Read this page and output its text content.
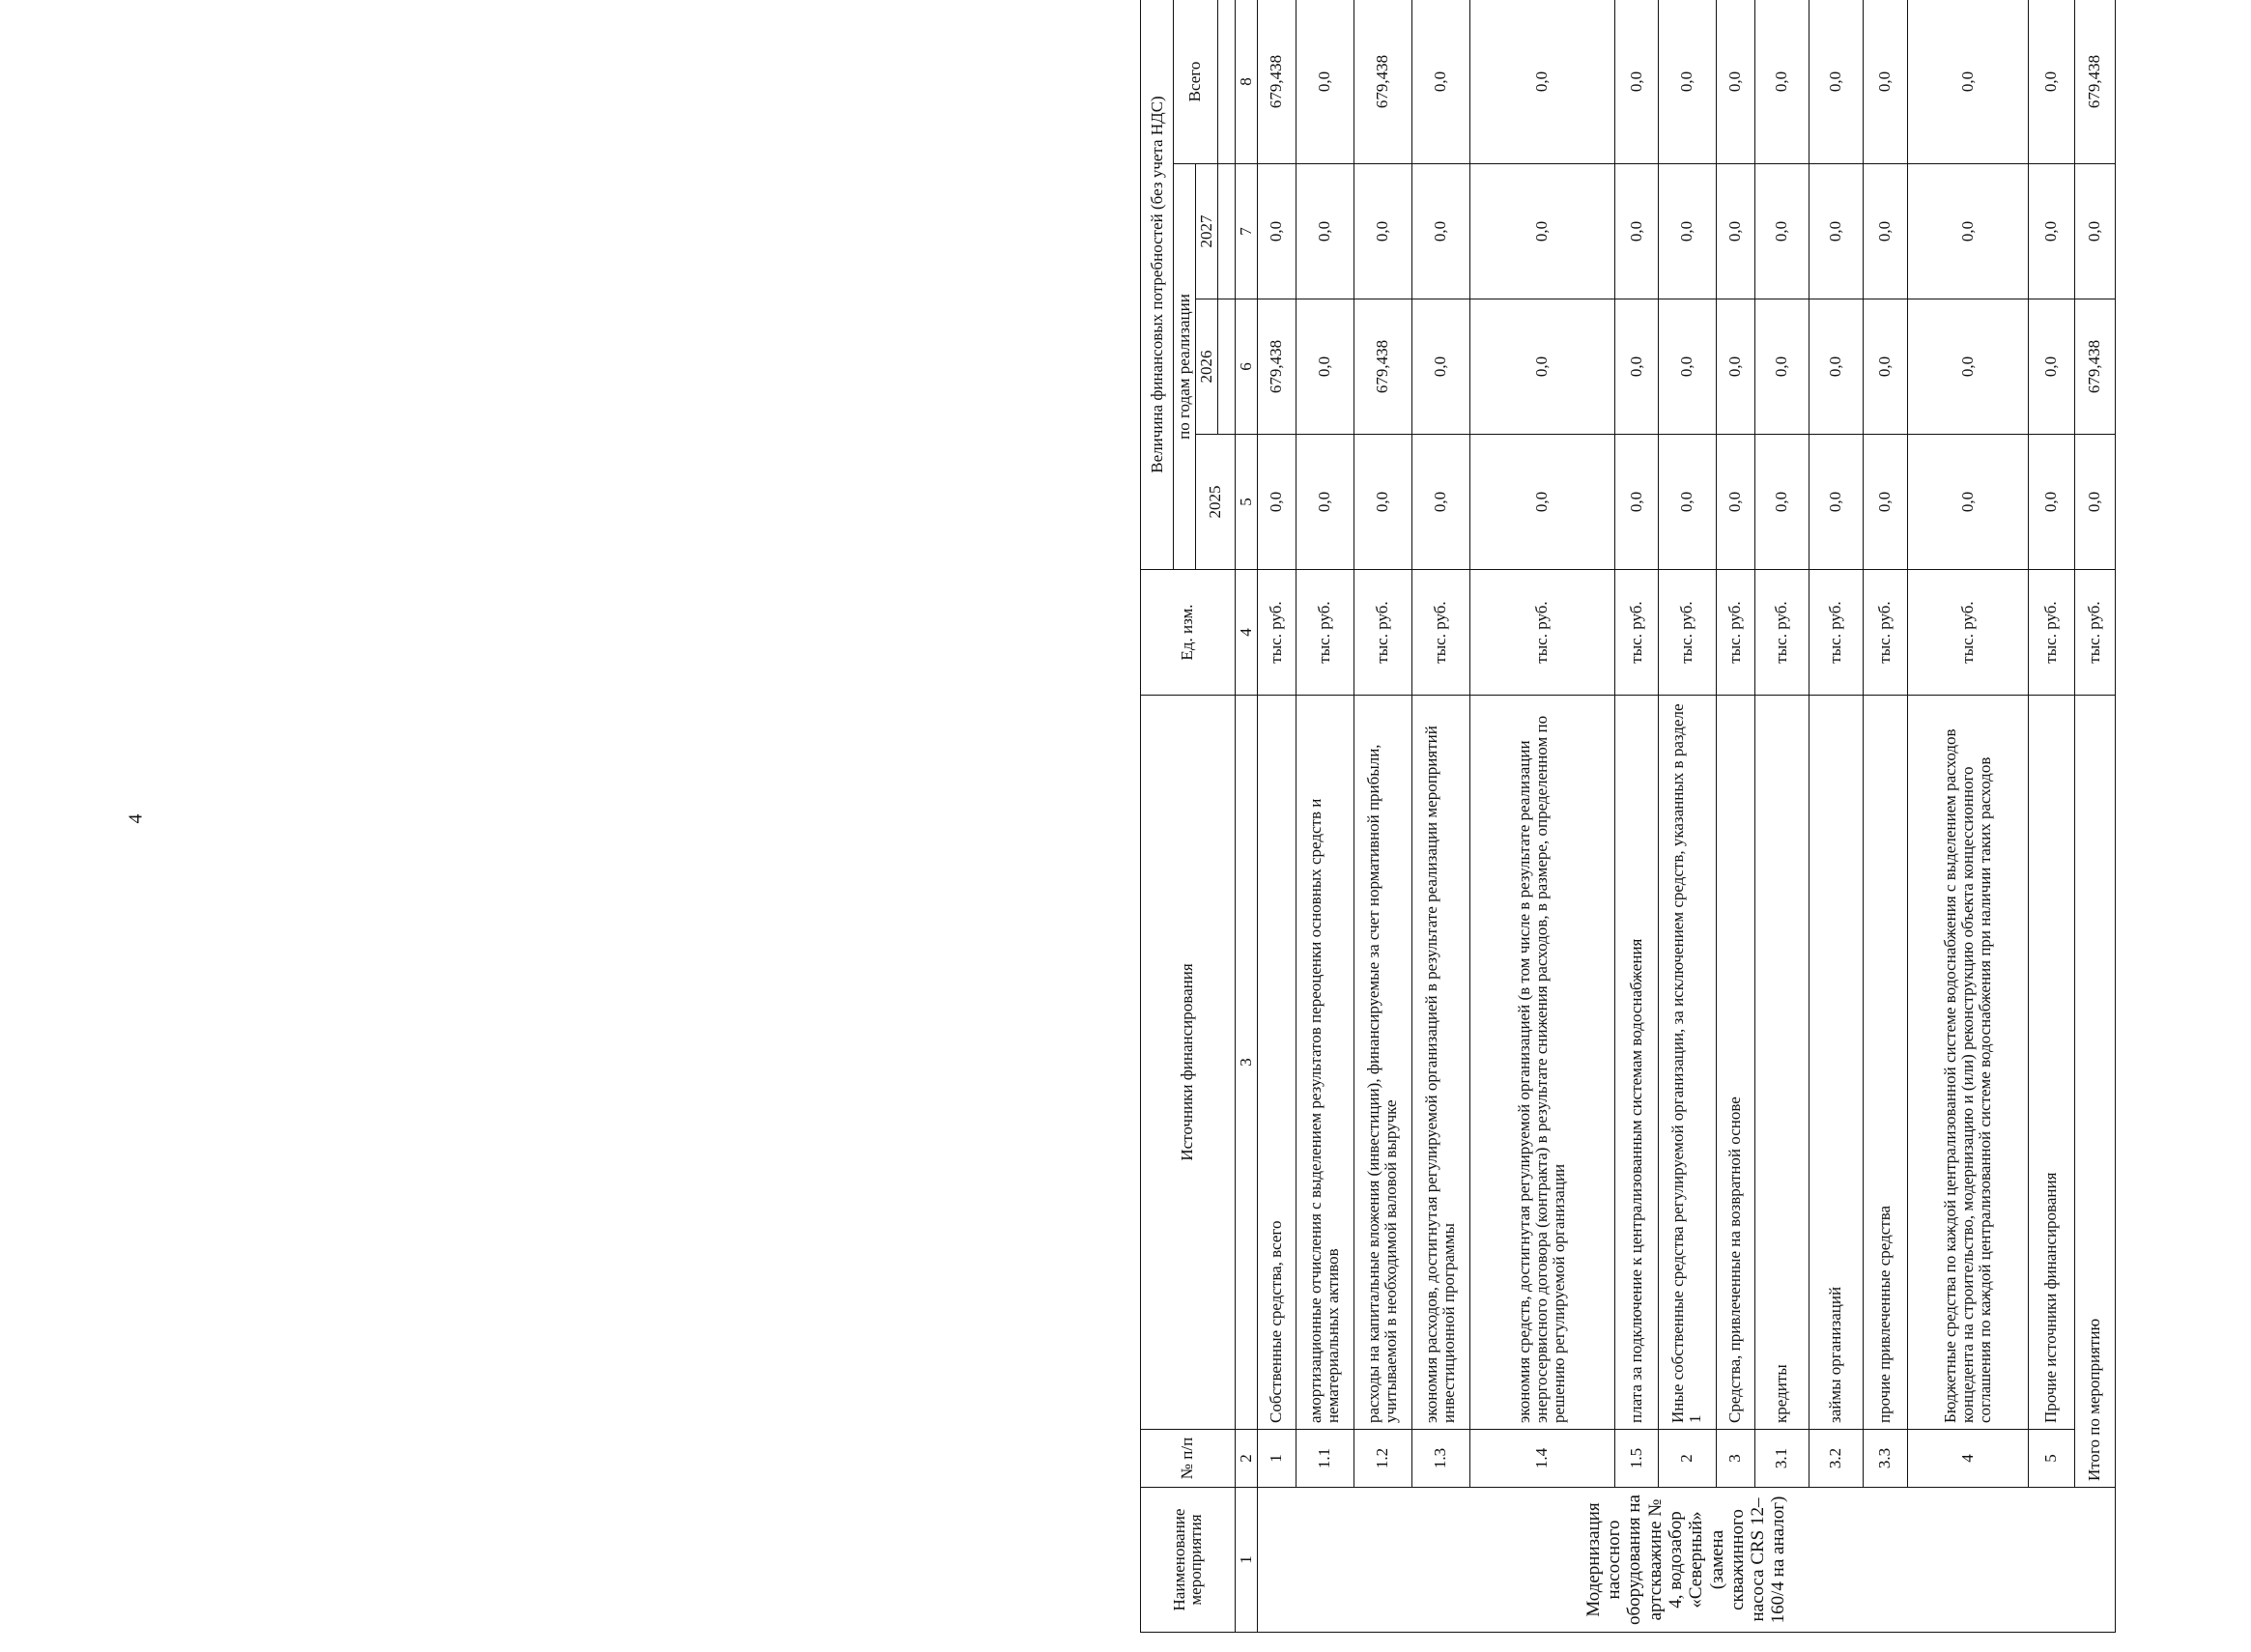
4
Наименование мероприятия	№ п/п	Источники финансирования	Ед. изм.	Величина финансовых потребностей (без учета НДС)			
				по годам реализации			Всего
				2025	2026	2027	

1	2	3	4	5	6	7	8

Модернизация насосного оборудования на артскважине № 4, водозабор «Северный» (замена скважинного насоса CRS 12–160/4 на аналог)	1	Собственные средства, всего	тыс. руб.	0,0	679,438	0,0	679,438
	1.1	амортизационные отчисления с выделением результатов переоценки основных средств и нематериальных активов	тыс. руб.	0,0	0,0	0,0	0,0
	1.2	расходы на капитальные вложения (инвестиции), финансируемые за счет нормативной прибыли, учитываемой в необходимой валовой выручке	тыс. руб.	0,0	679,438	0,0	679,438
	1.3	экономия расходов, достигнутая регулируемой организацией в результате реализации мероприятий инвестиционной программы	тыс. руб.	0,0	0,0	0,0	0,0
	1.4	экономия средств, достигнутая регулируемой организацией (в том числе в результате реализации энергосервисного договора (контракта) в результате снижения расходов, в размере, определенном по решению регулируемой организации	тыс. руб.	0,0	0,0	0,0	0,0
	1.5	плата за подключение к централизованным системам водоснабжения	тыс. руб.	0,0	0,0	0,0	0,0
	2	Иные собственные средства регулируемой организации, за исключением средств, указанных в разделе 1	тыс. руб.	0,0	0,0	0,0	0,0
	3	Средства, привлеченные на возвратной основе	тыс. руб.	0,0	0,0	0,0	0,0
	3.1	кредиты	тыс. руб.	0,0	0,0	0,0	0,0
	3.2	займы организаций	тыс. руб.	0,0	0,0	0,0	0,0
	3.3	прочие привлеченные средства	тыс. руб.	0,0	0,0	0,0	0,0
	4	Бюджетные средства по каждой централизованной системе водоснабжения с выделением расходов концедента на строительство, модернизацию и (или) реконструкцию объекта концессионного соглашения по каждой централизованной системе водоснабжения при наличии таких расходов	тыс. руб.	0,0	0,0	0,0	0,0
	5	Прочие источники финансирования	тыс. руб.	0,0	0,0	0,0	0,0
	Итого по мероприятию		тыс. руб.	0,0	679,438	0,0	679,438
